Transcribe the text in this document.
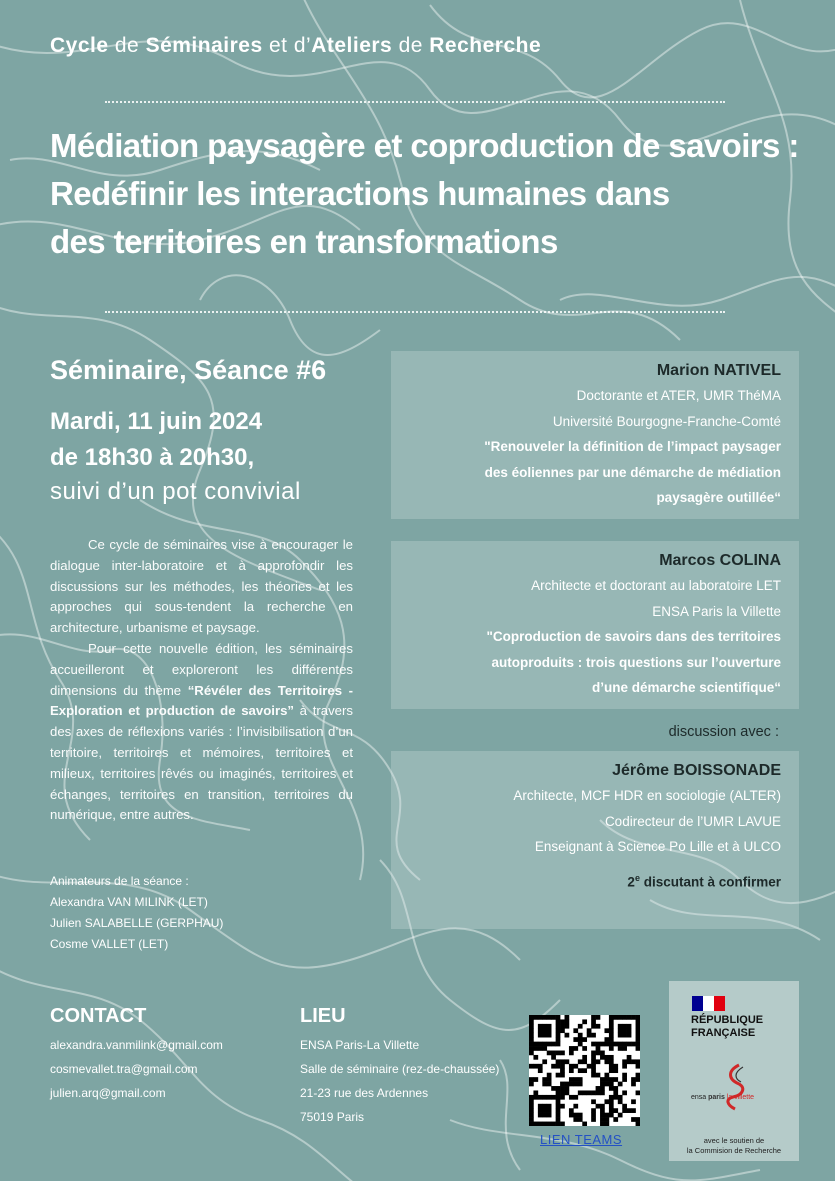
Cycle de Séminaires et d’Ateliers de Recherche
Médiation paysagère et coproduction de savoirs :
Redéfinir les interactions humaines dans
des territoires en transformations
Séminaire, Séance #6
Mardi, 11 juin 2024
de 18h30 à 20h30,
suivi d’un pot convivial

Ce cycle de séminaires vise à encourager le dialogue inter-laboratoire et à approfondir les discussions sur les méthodes, les théories et les approches qui sous-tendent la recherche en architecture, urbanisme et paysage.

Pour cette nouvelle édition, les séminaires accueilleront et exploreront les différentes dimensions du thème “Révéler des Territoires - Exploration et production de savoirs” à travers des axes de réflexions variés : l’invisibilisation d’un territoire, territoires et mémoires, territoires et milieux, territoires rêvés ou imaginés, territoires et échanges, territoires en transition, territoires du numérique, entre autres.

Animateurs de la séance :
Alexandra VAN MILINK (LET)
Julien SALABELLE (GERPHAU)
Cosme VALLET (LET)
Marion NATIVEL
Doctorante et ATER, UMR ThéMA
Université Bourgogne-Franche-Comté
"Renouveler la définition de l’impact paysager
des éoliennes par une démarche de médiation
paysagère outillée“
Marcos COLINA
Architecte et doctorant au laboratoire LET
ENSA Paris la Villette
"Coproduction de savoirs dans des territoires
autoproduits : trois questions sur l’ouverture
d’une démarche scientifique“
discussion avec :
Jérôme BOISSONADE
Architecte, MCF HDR en sociologie (ALTER)
Codirecteur de l’UMR LAVUE
Enseignant à Science Po Lille et à ULCO
2e discutant à confirmer
CONTACT
alexandra.vanmilink@gmail.com
cosmevallet.tra@gmail.com
julien.arq@gmail.com
LIEU
ENSA Paris-La Villette
Salle de séminaire (rez-de-chaussée)
21-23 rue des Ardennes
75019 Paris
LIEN TEAMS
RÉPUBLIQUE
FRANÇAISE
ensa paris la villette
avec le soutien de
la Commision de Recherche
